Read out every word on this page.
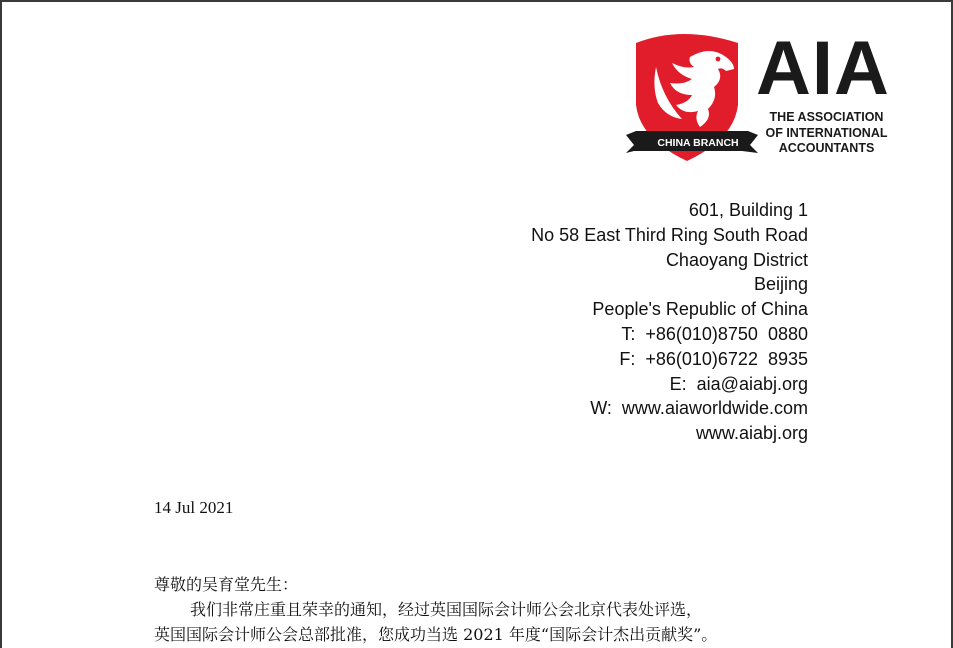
CHINA BRANCH
AIA
THE ASSOCIATION
OF INTERNATIONAL
ACCOUNTANTS
601, Building 1
No 58 East Third Ring South Road
Chaoyang District
Beijing
People's Republic of China
T:  +86(010)8750  0880
F:  +86(010)6722  8935
E:  aia@aiabj.org
W:  www.aiaworldwide.com
www.aiabj.org
14 Jul 2021
尊敬的吴育堂先生：
我们非常庄重且荣幸的通知，经过英国国际会计师公会北京代表处评选，
英国国际会计师公会总部批准，您成功当选 2021 年度“国际会计杰出贡献奖”。
